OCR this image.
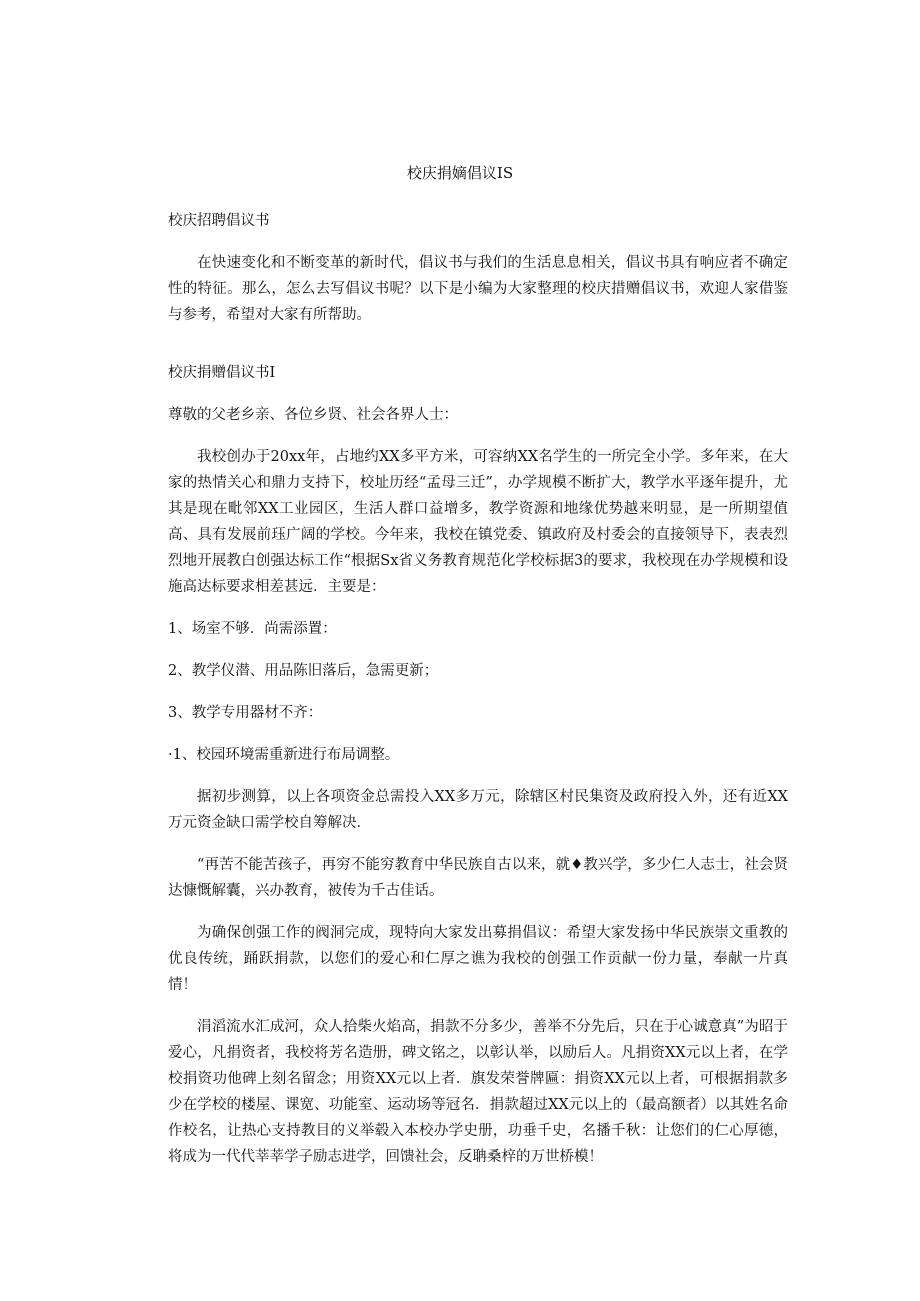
校庆捐嫡倡议IS

校庆招聘倡议书

在快速变化和不断变革的新时代，倡议书与我们的生活息息相关，倡议书具有响应者不确定性的特征。那么，怎么去写倡议书呢？以下是小编为大家整理的校庆措赠倡议书，欢迎人家借鉴与参考，希望对大家有所帮助。

校庆捐赠倡议书I

尊敬的父老乡亲、各位乡贤、社会各界人士：

我校创办于20xx年，占地约XX多平方米，可容纳XX名学生的一所完全小学。多年来，在大家的热情关心和鼎力支持下，校址历经“孟母三迁”，办学规模不断扩大，教学水平逐年提升，尤其是现在毗邻XX工业园区，生活人群口益增多，教学资源和地缘优势越来明显，是一所期望值高、具有发展前珏广阔的学校。今年来，我校在镇党委、镇政府及村委会的直接领导下，表表烈烈地开展教白创强达标工作“根据Sx省义务教育规范化学校标据3的要求，我校现在办学规模和设施高达标要求相差甚远．主要是：

1、场室不够．尚需添置：

2、教学仪潜、用品陈旧落后，急需更新；

3、教学专用器材不齐：

·1、校园环境需重新进行布局调整。

据初步测算，以上各项资金总需投入XX多万元，除辖区村民集资及政府投入外，还有近XX万元资金缺口需学校自筹解决．

“再苦不能苦孩子，再穷不能穷教育中华民族自古以来，就♦教兴学，多少仁人志士，社会贤达慷慨解囊，兴办教育，被传为千古佳话。

为确保创强工作的阀洞完成，现特向大家发出募捐倡议：希望大家发扬中华民族崇文重教的优良传统，踊跃捐款，以您们的爱心和仁厚之谯为我校的创强工作贡献一份力量，奉献一片真情！

涓滔流水汇成河，众人拾柴火焰高，捐款不分多少，善举不分先后，只在于心诚意真”为昭于爱心，凡捐资者，我校将芳名造册，碑文铭之，以彰认举，以励后人。凡捐资XX元以上者，在学校捐资功他碑上刻名留念；用资XX元以上者．旗发荣誉牌匾：捐资XX元以上者，可根据捐款多少在学校的楼屋、课宽、功能室、运动场等冠名．捐款超过XX元以上的（最高额者）以其姓名命作校名，让热心支持教目的义举毂入本校办学史册，功垂千史，名播千秋：让您们的仁心厚德，将成为一代代莘莘学子励志进学，回馈社会，反聃桑梓的万世桥模！
